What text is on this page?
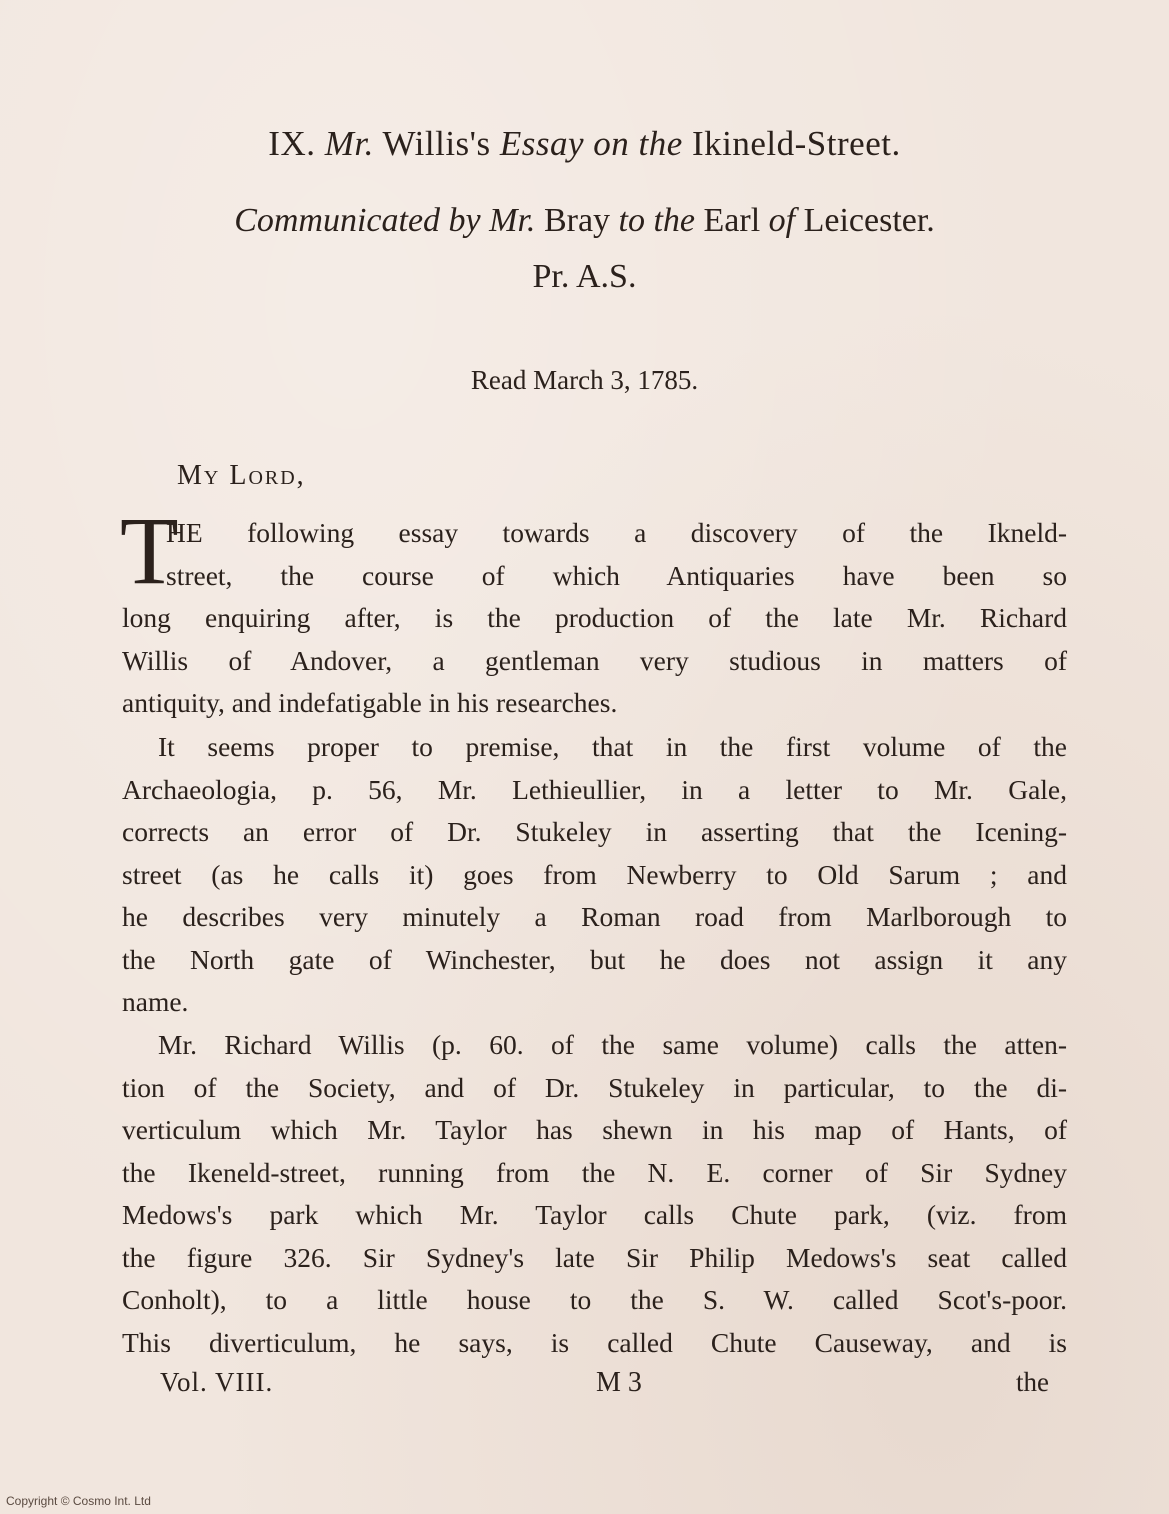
IX. Mr. Willis's Essay on the Ikineld-Street.
Communicated by Mr. Bray to the Earl of Leicester.
Pr. A.S.
Read March 3, 1785.
My Lord,
T
HE following essay towards a discovery of the Ikneld-
street, the course of which Antiquaries have been so
long enquiring after, is the production of the late Mr. Richard
Willis of Andover, a gentleman very studious in matters of
antiquity, and indefatigable in his researches.
It seems proper to premise, that in the first volume of the
Archaeologia, p. 56, Mr. Lethieullier, in a letter to Mr. Gale,
corrects an error of Dr. Stukeley in asserting that the Icening-
street (as he calls it) goes from Newberry to Old Sarum ; and
he describes very minutely a Roman road from Marlborough to
the North gate of Winchester, but he does not assign it any
name.
Mr. Richard Willis (p. 60. of the same volume) calls the atten-
tion of the Society, and of Dr. Stukeley in particular, to the di-
verticulum which Mr. Taylor has shewn in his map of Hants, of
the Ikeneld-street, running from the N. E. corner of Sir Sydney
Medows's park which Mr. Taylor calls Chute park, (viz. from
the figure 326. Sir Sydney's late Sir Philip Medows's seat called
Conholt), to a little house to the S. W. called Scot's-poor.
This diverticulum, he says, is called Chute Causeway, and is
Vol. VIII.	M 3	the
Copyright © Cosmo Int. Ltd
